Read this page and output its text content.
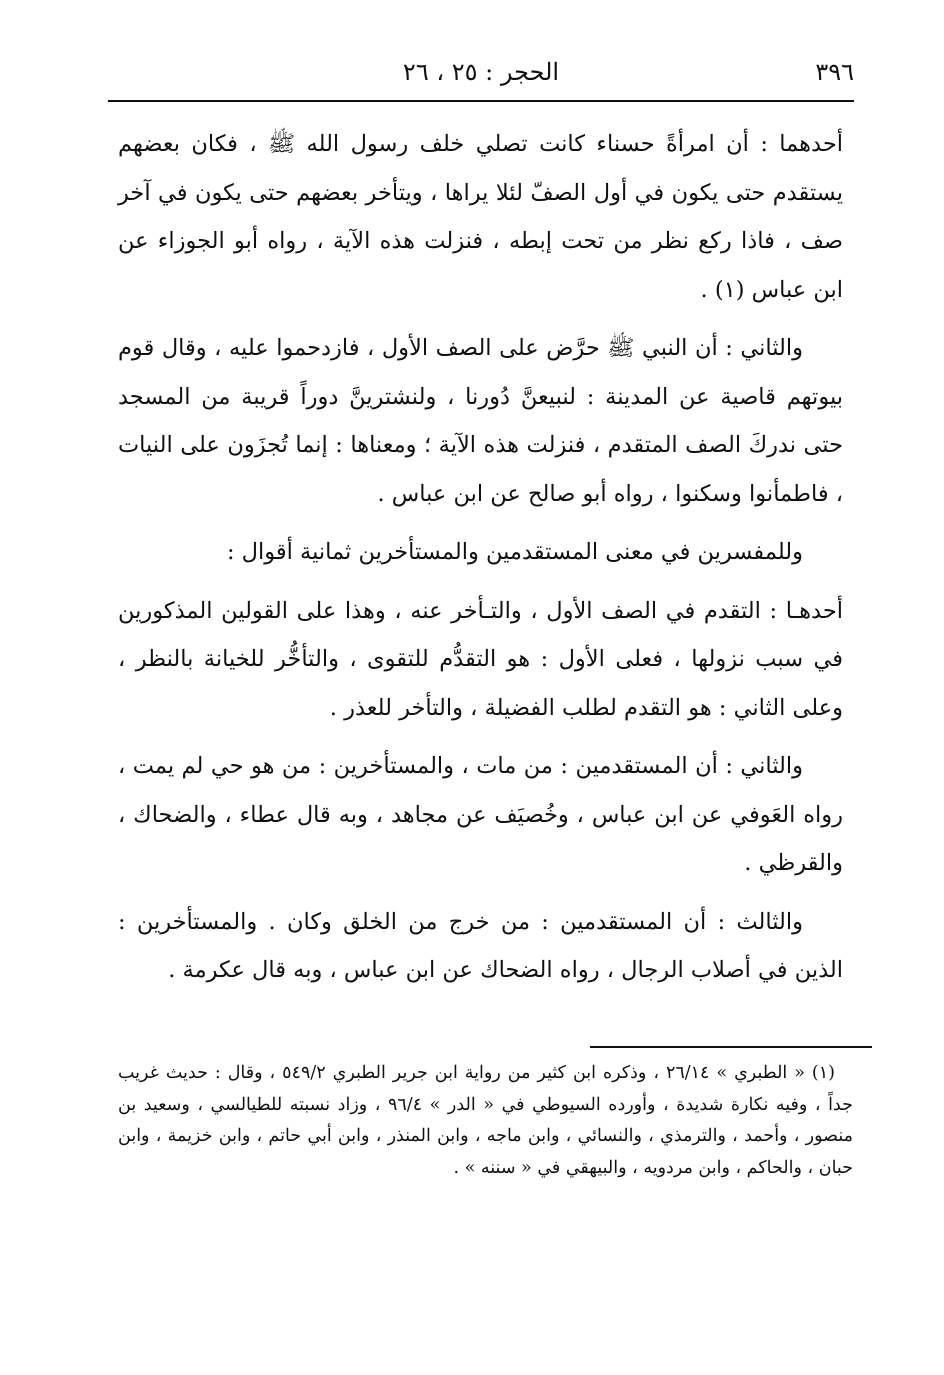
٣٩٦
الحجر : ٢٥ ، ٢٦

أحدهما : أن امرأةً حسناء كانت تصلي خلف رسول الله ﷺ ، فكان بعضهم يستقدم حتى يكون في أول الصفّ لئلا يراها ، ويتأخر بعضهم حتى يكون في آخر صف ، فاذا ركع نظر من تحت إبطه ، فنزلت هذه الآية ، رواه أبو الجوزاء عن ابن عباس (١) .

والثاني : أن النبي ﷺ حرَّض على الصف الأول ، فازدحموا عليه ، وقال قوم بيوتهم قاصية عن المدينة : لنبيعنَّ دُورنا ، ولنشترينَّ دوراً قريبة من المسجد حتى ندركَ الصف المتقدم ، فنزلت هذه الآية ؛ ومعناها : إنما تُجزَون على النيات ، فاطمأنوا وسكنوا ، رواه أبو صالح عن ابن عباس .

وللمفسرين في معنى المستقدمين والمستأخرين ثمانية أقوال :

أحدهـا : التقدم في الصف الأول ، والتـأخر عنه ، وهذا على القولين المذكورين في سبب نزولها ، فعلى الأول : هو التقدُّم للتقوى ، والتأخُّر للخيانة بالنظر ، وعلى الثاني : هو التقدم لطلب الفضيلة ، والتأخر للعذر .

والثاني : أن المستقدمين : من مات ، والمستأخرين : من هو حي لم يمت ، رواه العَوفي عن ابن عباس ، وخُصيَف عن مجاهد ، وبه قال عطاء ، والضحاك ، والقرظي .

والثالث : أن المستقدمين : من خرج من الخلق وكان . والمستأخرين : الذين في أصلاب الرجال ، رواه الضحاك عن ابن عباس ، وبه قال عكرمة .

(١) « الطبري » ٢٦/١٤ ، وذكره ابن كثير من رواية ابن جرير الطبري ٥٤٩/٢ ، وقال : حديث غريب جداً ، وفيه نكارة شديدة ، وأورده السيوطي في « الدر » ٩٦/٤ ، وزاد نسبته للطيالسي ، وسعيد بن منصور ، وأحمد ، والترمذي ، والنسائي ، وابن ماجه ، وابن المنذر ، وابن أبي حاتم ، وابن خزيمة ، وابن حبان ، والحاكم ، وابن مردويه ، والبيهقي في « سننه » .
